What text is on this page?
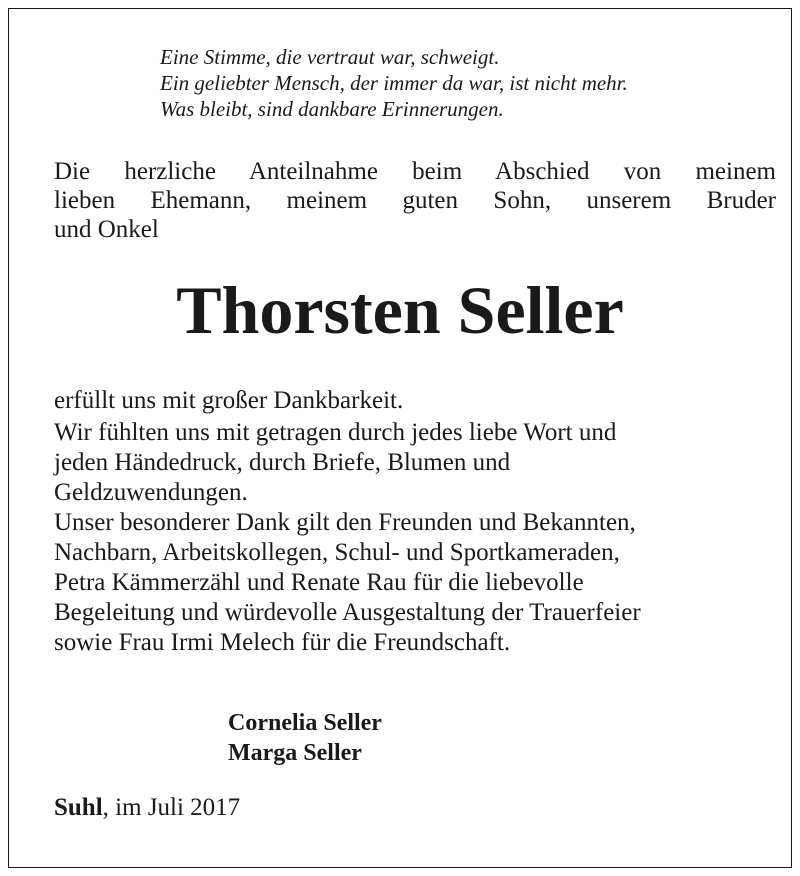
Eine Stimme, die vertraut war, schweigt.
Ein geliebter Mensch, der immer da war, ist nicht mehr.
Was bleibt, sind dankbare Erinnerungen.
Die herzliche Anteilnahme beim Abschied von meinem
lieben Ehemann, meinem guten Sohn, unserem Bruder
und Onkel
Thorsten Seller
erfüllt uns mit großer Dankbarkeit.
Wir fühlten uns mit getragen durch jedes liebe Wort und
jeden Händedruck, durch Briefe, Blumen und
Geldzuwendungen.
Unser besonderer Dank gilt den Freunden und Bekannten,
Nachbarn, Arbeitskollegen, Schul- und Sportkameraden,
Petra Kämmerzähl und Renate Rau für die liebevolle
Begeleitung und würdevolle Ausgestaltung der Trauerfeier
sowie Frau Irmi Melech für die Freundschaft.
Cornelia Seller
Marga Seller
Suhl, im Juli 2017
